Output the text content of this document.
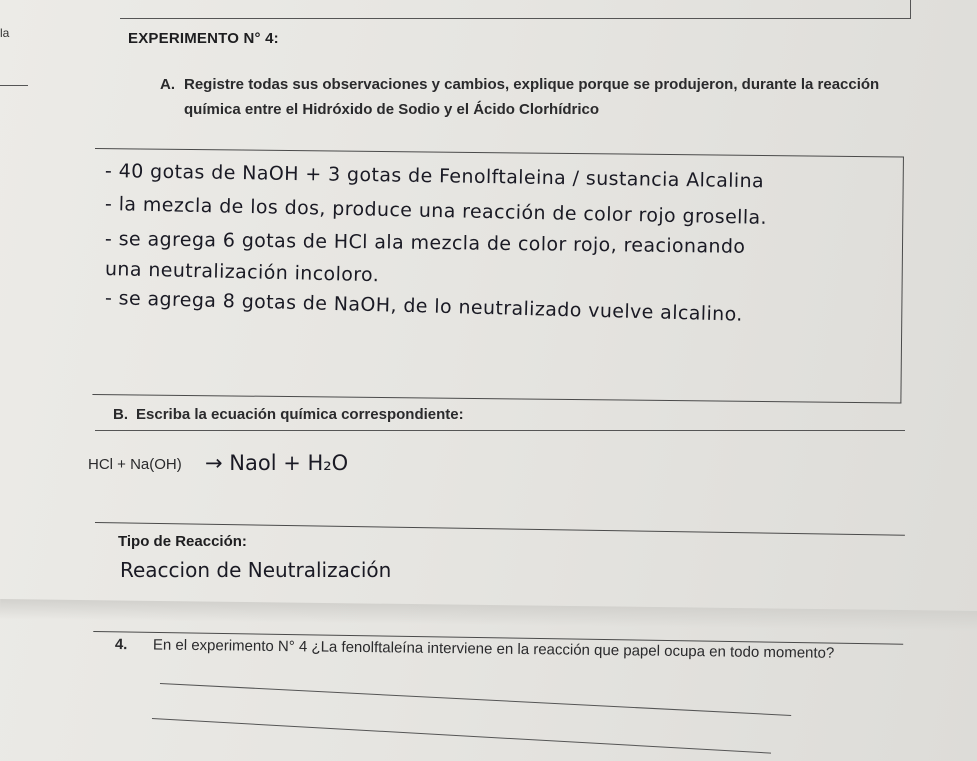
la	EXPERIMENTO N° 4:
A. Registre todas sus observaciones y cambios, explique porque se produjeron, durante la reacción
química entre el Hidróxido de Sodio y el Ácido Clorhídrico
- 40 gotas de NaOH + 3 gotas de Fenolftaleina / sustancia Alcalina
- la mezcla de los dos, produce una reacción de color rojo grosella.
- se agrega 6 gotas de HCl ala mezcla de color rojo, reacionando
una neutralización incoloro.
- se agrega 8 gotas de NaOH, de lo neutralizado vuelve alcalino.
B. Escriba la ecuación química correspondiente:
HCl + Na(OH) → Naol + H₂O
Tipo de Reacción:
Reaccion de Neutralización
4. En el experimento N° 4 ¿La fenolftaleína interviene en la reacción que papel ocupa en todo momento?
